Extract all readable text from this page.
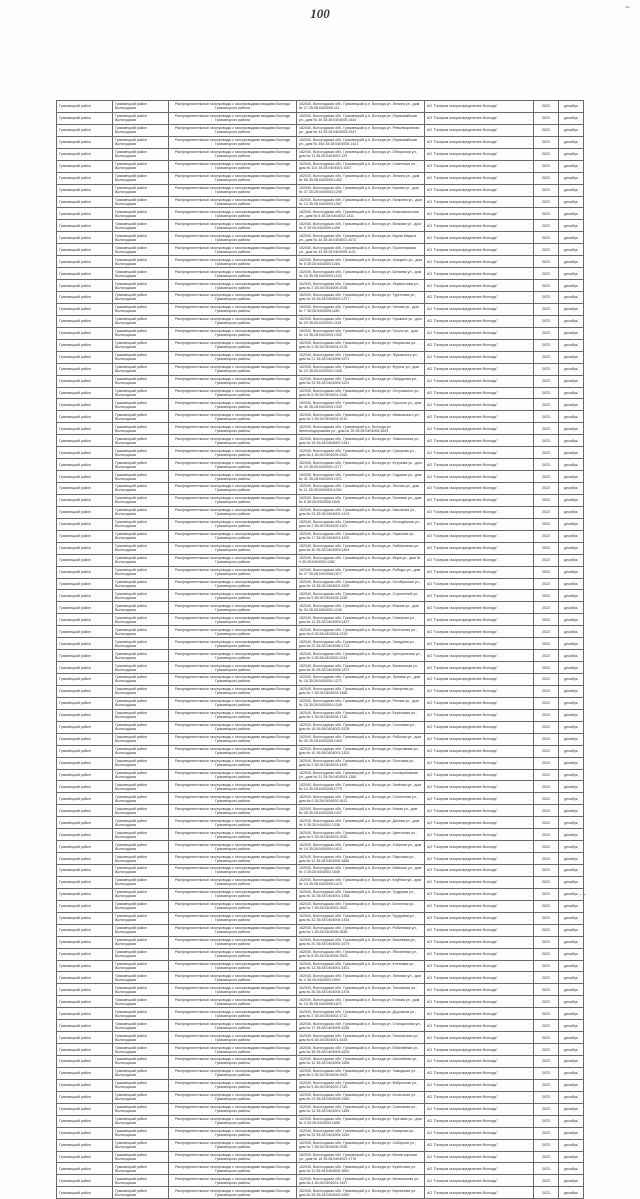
100	~
Грязовецкий район	Грязовецкий район Вологодская	Распределительные газопроводы с газопроводами вводами Вологда Грязовецкого района	162040, Вологодская обл, Грязовецкий р-н, Вологда ул. Ленина ул., дом № 17 35:28:0404006:111	АО "Газпром газораспределение Вологда"	2023	декабрь
Грязовецкий район	Грязовецкий район Вологодская	Распределительные газопроводы с газопроводами вводами Вологда Грязовецкого района	162040, Вологодская обл, Грязовецкий р-н, Вологда ул. Первомайская ул., дом № 20 35:28:0404006:1444	АО "Газпром газораспределение Вологда"	2023	декабрь
Грязовецкий район	Грязовецкий район Вологодская	Распределительные газопроводы с газопроводами вводами Вологда Грязовецкого района	162040, Вологодская обл, Грязовецкий р-н, Вологда ул. Революционная ул., дом № 44 35:28:0404005:2047	АО "Газпром газораспределение Вологда"	2023	декабрь
Грязовецкий район	Грязовецкий район Вологодская	Распределительные газопроводы с газопроводами вводами Вологда Грязовецкого района	162040, Вологодская обл, Грязовецкий р-н, Вологда ул. Первомайская ул., дом № 35а 35:28:0404006:1421	АО "Газпром газораспределение Вологда"	2023	декабрь
Грязовецкий район	Грязовецкий район Вологодская	Распределительные газопроводы с газопроводами вводами Вологда Грязовецкого района	162040, Вологодская обл, Грязовецкий р-н, Вологда ул. Обнорская ул., дом № 11 35:28:0404002:125	АО "Газпром газораспределение Вологда"	2023	декабрь
Грязовецкий район	Грязовецкий район Вологодская	Распределительные газопроводы с газопроводами вводами Вологда Грязовецкого района	162040, Вологодская обл, Грязовецкий р-н, Вологда ул. Советская ул., дом № 101 35:28:0404001:1007	АО "Газпром газораспределение Вологда"	2023	декабрь
Грязовецкий район	Грязовецкий район Вологодская	Распределительные газопроводы с газопроводами вводами Вологда Грязовецкого района	162040, Вологодская обл, Грязовецкий р-н, Вологда ул. Ленина ул., дом № 58 35:28:0404006:1452	АО "Газпром газораспределение Вологда"	2023	декабрь
Грязовецкий район	Грязовецкий район Вологодская	Распределительные газопроводы с газопроводами вводами Вологда Грязовецкого района	162040, Вологодская обл, Грязовецкий р-н, Вологда ул. Кирова ул., дом № 37 35:28:0404003:1209	АО "Газпром газораспределение Вологда"	2023	декабрь
Грязовецкий район	Грязовецкий район Вологодская	Распределительные газопроводы с газопроводами вводами Вологда Грязовецкого района	162040, Вологодская обл, Грязовецкий р-н, Вологда ул. Гагарина ул., дом № 12 35:28:0404004:1067	АО "Газпром газораспределение Вологда"	2023	декабрь
Грязовецкий район	Грязовецкий район Вологодская	Распределительные газопроводы с газопроводами вводами Вологда Грязовецкого района	162040, Вологодская обл, Грязовецкий р-н, Вологда ул. Комсомольская ул., дом № 6 35:28:0404002:1311	АО "Газпром газораспределение Вологда"	2023	декабрь
Грязовецкий район	Грязовецкий район Вологодская	Распределительные газопроводы с газопроводами вводами Вологда Грязовецкого района	162040, Вологодская обл, Грязовецкий р-н, Вологда ул. Волкова ул., дом № 9 35:28:0404006:1498	АО "Газпром газораспределение Вологда"	2023	декабрь
Грязовецкий район	Грязовецкий район Вологодская	Распределительные газопроводы с газопроводами вводами Вологда Грязовецкого района	162040, Вологодская обл, Грязовецкий р-н, Вологда ул. Карла Маркса ул., дом № 24 35:28:0404001:1072	АО "Газпром газораспределение Вологда"	2023	декабрь
Грязовецкий район	Грязовецкий район Вологодская	Распределительные газопроводы с газопроводами вводами Вологда Грязовецкого района	162040, Вологодская обл, Грязовецкий р-н, Вологда ул. Пролетарская ул., дом № 43 35:28:0404005:1121	АО "Газпром газораспределение Вологда"	2023	декабрь
Грязовецкий район	Грязовецкий район Вологодская	Распределительные газопроводы с газопроводами вводами Вологда Грязовецкого района	162040, Вологодская обл, Грязовецкий р-н, Вологда ул. Урицкого ул., дом № 5 35:28:0404003:1264	АО "Газпром газораспределение Вологда"	2023	декабрь
Грязовецкий район	Грязовецкий район Вологодская	Распределительные газопроводы с газопроводами вводами Вологда Грязовецкого района	162040, Вологодская обл, Грязовецкий р-н, Вологда ул. Беляева ул., дом № 16 35:28:0404004:1133	АО "Газпром газораспределение Вологда"	2023	декабрь
Грязовецкий район	Грязовецкий район Вологодская	Распределительные газопроводы с газопроводами вводами Вологда Грязовецкого района	162040, Вологодская обл, Грязовецкий р-н, Вологда ул. Лермонтова ул., дом № 2 35:28:0404006:1536	АО "Газпром газораспределение Вологда"	2023	декабрь
Грязовецкий район	Грязовецкий район Вологодская	Распределительные газопроводы с газопроводами вводами Вологда Грязовецкого района	162040, Вологодская обл, Грязовецкий р-н, Вологда ул. Тургенева ул., дом № 18 35:28:0404002:1377	АО "Газпром газораспределение Вологда"	2023	декабрь
Грязовецкий район	Грязовецкий район Вологодская	Распределительные газопроводы с газопроводами вводами Вологда Грязовецкого района	162040, Вологодская обл, Грязовецкий р-н, Вологда ул. Чехова ул., дом № 7 35:28:0404005:1180	АО "Газпром газораспределение Вологда"	2023	декабрь
Грязовецкий район	Грязовецкий район Вологодская	Распределительные газопроводы с газопроводами вводами Вологда Грязовецкого района	162040, Вологодская обл, Грязовецкий р-н, Вологда ул. Пушкина ул., дом № 29 35:28:0404001:1115	АО "Газпром газораспределение Вологда"	2023	декабрь
Грязовецкий район	Грязовецкий район Вологодская	Распределительные газопроводы с газопроводами вводами Вологда Грязовецкого района	162040, Вологодская обл, Грязовецкий р-н, Вологда ул. Гоголя ул., дом № 14 35:28:0404003:1302	АО "Газпром газораспределение Вологда"	2023	декабрь
Грязовецкий район	Грязовецкий район Вологодская	Распределительные газопроводы с газопроводами вводами Вологда Грязовецкого района	162040, Вологодская обл, Грязовецкий р-н, Вологда ул. Некрасова ул., дом № 3 35:28:0404004:1178	АО "Газпром газораспределение Вологда"	2023	декабрь
Грязовецкий район	Грязовецкий район Вологодская	Распределительные газопроводы с газопроводами вводами Вологда Грязовецкого района	162040, Вологодская обл, Грязовецкий р-н, Вологда ул. Жуковского ул., дом № 21 35:28:0404006:1571	АО "Газпром газораспределение Вологда"	2023	декабрь
Грязовецкий район	Грязовецкий район Вологодская	Распределительные газопроводы с газопроводами вводами Вологда Грязовецкого района	162040, Вологодская обл, Грязовецкий р-н, Вологда ул. Фрунзе ул., дом № 10 35:28:0404002:1405	АО "Газпром газораспределение Вологда"	2023	декабрь
Грязовецкий район	Грязовецкий район Вологодская	Распределительные газопроводы с газопроводами вводами Вологда Грязовецкого района	162040, Вологодская обл, Грязовецкий р-н, Вологда ул. Свердлова ул., дом № 33 35:28:0404005:1222	АО "Газпром газораспределение Вологда"	2023	декабрь
Грязовецкий район	Грязовецкий район Вологодская	Распределительные газопроводы с газопроводами вводами Вологда Грязовецкого района	162040, Вологодская обл, Грязовецкий р-н, Вологда ул. Островского ул., дом № 8 35:28:0404001:1146	АО "Газпром газораспределение Вологда"	2023	декабрь
Грязовецкий район	Грязовецкий район Вологодская	Распределительные газопроводы с газопроводами вводами Вологда Грязовецкого района	162040, Вологодская обл, Грязовецкий р-н, Вологда ул. Горького ул., дом № 46 35:28:0404003:1339	АО "Газпром газораспределение Вологда"	2023	декабрь
Грязовецкий район	Грязовецкий район Вологодская	Распределительные газопроводы с газопроводами вводами Вологда Грязовецкого района	162040, Вологодская обл, Грязовецкий р-н, Вологда ул. Маяковского ул., дом № 1 35:28:0404004:1210	АО "Газпром газораспределение Вологда"	2023	декабрь
Грязовецкий район	Грязовецкий район Вологодская	Распределительные газопроводы с газопроводами вводами Вологда Грязовецкого района	162040, Вологодская обл, Грязовецкий р-н, Вологда ул. Железнодорожная ул., дом № 26 35:28:0404006:1603	АО "Газпром газораспределение Вологда"	2023	декабрь
Грязовецкий район	Грязовецкий район Вологодская	Распределительные газопроводы с газопроводами вводами Вологда Грязовецкого района	162040, Вологодская обл, Грязовецкий р-н, Вологда ул. Ломоносова ул., дом № 15 35:28:0404002:1441	АО "Газпром газораспределение Вологда"	2023	декабрь
Грязовецкий район	Грязовецкий район Вологодская	Распределительные газопроводы с газопроводами вводами Вологда Грязовецкого района	162040, Вологодская обл, Грязовецкий р-н, Вологда ул. Суворова ул., дом № 4 35:28:0404005:1263	АО "Газпром газораспределение Вологда"	2023	декабрь
Грязовецкий район	Грязовецкий район Вологодская	Распределительные газопроводы с газопроводами вводами Вологда Грязовецкого района	162040, Вологодская обл, Грязовецкий р-н, Вологда ул. Кутузова ул., дом № 19 35:28:0404001:1177	АО "Газпром газораспределение Вологда"	2023	декабрь
Грязовецкий район	Грязовецкий район Вологодская	Распределительные газопроводы с газопроводами вводами Вологда Грязовецкого района	162040, Вологодская обл, Грязовецкий р-н, Вологда ул. Садовая ул., дом № 31 35:28:0404003:1371	АО "Газпром газораспределение Вологда"	2023	декабрь
Грязовецкий район	Грязовецкий район Вологодская	Распределительные газопроводы с газопроводами вводами Вологда Грязовецкого района	162040, Вологодская обл, Грязовецкий р-н, Вологда ул. Лесная ул., дом № 11 35:28:0404004:1246	АО "Газпром газораспределение Вологда"	2023	декабрь
Грязовецкий район	Грязовецкий район Вологодская	Распределительные газопроводы с газопроводами вводами Вологда Грязовецкого района	162040, Вологодская обл, Грязовецкий р-н, Вологда ул. Полевая ул., дом № 6 35:28:0404006:1640	АО "Газпром газораспределение Вологда"	2023	декабрь
Грязовецкий район	Грязовецкий район Вологодская	Распределительные газопроводы с газопроводами вводами Вологда Грязовецкого района	162040, Вологодская обл, Грязовецкий р-н, Вологда ул. Школьная ул., дом № 23 35:28:0404002:1476	АО "Газпром газораспределение Вологда"	2023	декабрь
Грязовецкий район	Грязовецкий район Вологодская	Распределительные газопроводы с газопроводами вводами Вологда Грязовецкого района	162040, Вологодская обл, Грязовецкий р-н, Вологда ул. Молодёжная ул., дом № 2 35:28:0404005:1301	АО "Газпром газораспределение Вологда"	2023	декабрь
Грязовецкий район	Грязовецкий район Вологодская	Распределительные газопроводы с газопроводами вводами Вологда Грязовецкого района	162040, Вологодская обл, Грязовецкий р-н, Вологда ул. Заречная ул., дом № 17 35:28:0404001:1209	АО "Газпром газораспределение Вологда"	2023	декабрь
Грязовецкий район	Грязовецкий район Вологодская	Распределительные газопроводы с газопроводами вводами Вологда Грязовецкого района	162040, Вологодская обл, Грязовецкий р-н, Вологда ул. Набережная ул., дом № 40 35:28:0404003:1404	АО "Газпром газораспределение Вологда"	2023	декабрь
Грязовецкий район	Грязовецкий район Вологодская	Распределительные газопроводы с газопроводами вводами Вологда Грязовецкого района	162040, Вологодская обл, Грязовецкий р-н, Вологда ул. Мира ул., дом № 9 35:28:0404004:1282	АО "Газпром газораспределение Вологда"	2023	декабрь
Грязовецкий район	Грязовецкий район Вологодская	Распределительные газопроводы с газопроводами вводами Вологда Грязовецкого района	162040, Вологодская обл, Грязовецкий р-н, Вологда ул. Победы ул., дом № 27 35:28:0404006:1677	АО "Газпром газораспределение Вологда"	2023	декабрь
Грязовецкий район	Грязовецкий район Вологодская	Распределительные газопроводы с газопроводами вводами Вологда Грязовецкого района	162040, Вологодская обл, Грязовецкий р-н, Вологда ул. Октябрьская ул., дом № 13 35:28:0404002:1509	АО "Газпром газораспределение Вологда"	2023	декабрь
Грязовецкий район	Грязовецкий район Вологодская	Распределительные газопроводы с газопроводами вводами Вологда Грязовецкого района	162040, Вологодская обл, Грязовецкий р-н, Вологда ул. Строителей ул., дом № 5 35:28:0404005:1338	АО "Газпром газораспределение Вологда"	2023	декабрь
Грязовецкий район	Грязовецкий район Вологодская	Распределительные газопроводы с газопроводами вводами Вологда Грязовецкого района	162040, Вологодская обл, Грязовецкий р-н, Вологда ул. Южная ул., дом № 34 35:28:0404001:1240	АО "Газпром газораспределение Вологда"	2023	декабрь
Грязовецкий район	Грязовецкий район Вологодская	Распределительные газопроводы с газопроводами вводами Вологда Грязовецкого района	162040, Вологодская обл, Грязовецкий р-н, Вологда ул. Северная ул., дом № 12 35:28:0404003:1437	АО "Газпром газораспределение Вологда"	2023	декабрь
Грязовецкий район	Грязовецкий район Вологодская	Распределительные газопроводы с газопроводами вводами Вологда Грязовецкого района	162040, Вологодская обл, Грязовецкий р-н, Вологда ул. Восточная ул., дом № 8 35:28:0404004:1315	АО "Газпром газораспределение Вологда"	2023	декабрь
Грязовецкий район	Грязовецкий район Вологодская	Распределительные газопроводы с газопроводами вводами Вологда Грязовецкого района	162040, Вологодская обл, Грязовецкий р-н, Вологда ул. Западная ул., дом № 22 35:28:0404006:1712	АО "Газпром газораспределение Вологда"	2023	декабрь
Грязовецкий район	Грязовецкий район Вологодская	Распределительные газопроводы с газопроводами вводами Вологда Грязовецкого района	162040, Вологодская обл, Грязовецкий р-н, Вологда ул. Центральная ул., дом № 3 35:28:0404002:1544	АО "Газпром газораспределение Вологда"	2023	декабрь
Грязовецкий район	Грязовецкий район Вологодская	Распределительные газопроводы с газопроводами вводами Вологда Грязовецкого района	162040, Вологодская обл, Грязовецкий р-н, Вологда ул. Вокзальная ул., дом № 36 35:28:0404005:1372	АО "Газпром газораспределение Вологда"	2023	декабрь
Грязовецкий район	Грязовецкий район Вологодская	Распределительные газопроводы с газопроводами вводами Вологда Грязовецкого района	162040, Вологодская обл, Грязовецкий р-н, Вологда ул. Луговая ул., дом № 16 35:28:0404001:1271	АО "Газпром газораспределение Вологда"	2023	декабрь
Грязовецкий район	Грязовецкий район Вологодская	Распределительные газопроводы с газопроводами вводами Вологда Грязовецкого района	162040, Вологодская обл, Грязовецкий р-н, Вологда ул. Нагорная ул., дом № 7 35:28:0404003:1468	АО "Газпром газораспределение Вологда"	2023	декабрь
Грязовецкий район	Грязовецкий район Вологодская	Распределительные газопроводы с газопроводами вводами Вологда Грязовецкого района	162040, Вологодская обл, Грязовецкий р-н, Вологда ул. Речная ул., дом № 25 35:28:0404004:1349	АО "Газпром газораспределение Вологда"	2023	декабрь
Грязовецкий район	Грязовецкий район Вологодская	Распределительные газопроводы с газопроводами вводами Вологда Грязовецкого района	162040, Вологодская обл, Грязовецкий р-н, Вологда ул. Берёзовая ул., дом № 4 35:28:0404006:1745	АО "Газпром газораспределение Вологда"	2023	декабрь
Грязовецкий район	Грязовецкий район Вологодская	Распределительные газопроводы с газопроводами вводами Вологда Грязовецкого района	162040, Вологодская обл, Грязовецкий р-н, Вологда ул. Сосновая ул., дом № 18 35:28:0404002:1578	АО "Газпром газораспределение Вологда"	2023	декабрь
Грязовецкий район	Грязовецкий район Вологодская	Распределительные газопроводы с газопроводами вводами Вологда Грязовецкого района	162040, Вологодская обл, Грязовецкий р-н, Вологда ул. Рабочая ул., дом № 30 35:28:0404005:1404	АО "Газпром газораспределение Вологда"	2023	декабрь
Грязовецкий район	Грязовецкий район Вологодская	Распределительные газопроводы с газопроводами вводами Вологда Грязовецкого района	162040, Вологодская обл, Грязовецкий р-н, Вологда ул. Спортивная ул., дом № 10 35:28:0404001:1303	АО "Газпром газораспределение Вологда"	2023	декабрь
Грязовецкий район	Грязовецкий район Вологодская	Распределительные газопроводы с газопроводами вводами Вологда Грязовецкого района	162040, Вологодская обл, Грязовецкий р-н, Вологда ул. Почтовая ул., дом № 2 35:28:0404003:1499	АО "Газпром газораспределение Вологда"	2023	декабрь
Грязовецкий район	Грязовецкий район Вологодская	Распределительные газопроводы с газопроводами вводами Вологда Грязовецкого района	162040, Вологодская обл, Грязовецкий р-н, Вологда ул. Кооперативная ул., дом № 21 35:28:0404004:1380	АО "Газпром газораспределение Вологда"	2023	декабрь
Грязовецкий район	Грязовецкий район Вологодская	Распределительные газопроводы с газопроводами вводами Вологда Грязовецкого района	162040, Вологодская обл, Грязовецкий р-н, Вологда ул. Зелёная ул., дом № 14 35:28:0404006:1779	АО "Газпром газораспределение Вологда"	2023	декабрь
Грязовецкий район	Грязовецкий район Вологодская	Распределительные газопроводы с газопроводами вводами Вологда Грязовецкого района	162040, Вологодская обл, Грязовецкий р-н, Вологда ул. Солнечная ул., дом № 6 35:28:0404002:1611	АО "Газпром газораспределение Вологда"	2023	декабрь
Грязовецкий район	Грязовецкий район Вологодская	Распределительные газопроводы с газопроводами вводами Вологда Грязовецкого района	162040, Вологодская обл, Грязовецкий р-н, Вологда ул. Новая ул., дом № 28 35:28:0404005:1437	АО "Газпром газораспределение Вологда"	2023	декабрь
Грязовецкий район	Грязовецкий район Вологодская	Распределительные газопроводы с газопроводами вводами Вологда Грязовецкого района	162040, Вологодская обл, Грязовецкий р-н, Вологда ул. Дачная ул., дом № 9 35:28:0404001:1336	АО "Газпром газораспределение Вологда"	2023	декабрь
Грязовецкий район	Грязовецкий район Вологодская	Распределительные газопроводы с газопроводами вводами Вологда Грязовецкого района	162040, Вологодская обл, Грязовецкий р-н, Вологда ул. Цветочная ул., дом № 5 35:28:0404003:1530	АО "Газпром газораспределение Вологда"	2023	декабрь
Грязовецкий район	Грязовецкий район Вологодская	Распределительные газопроводы с газопроводами вводами Вологда Грязовецкого района	162040, Вологодская обл, Грязовецкий р-н, Вологда ул. Озёрная ул., дом № 19 35:28:0404004:1412	АО "Газпром газораспределение Вологда"	2023	декабрь
Грязовецкий район	Грязовецкий район Вологодская	Распределительные газопроводы с газопроводами вводами Вологда Грязовецкого района	162040, Вологодская обл, Грязовецкий р-н, Вологда ул. Парковая ул., дом № 11 35:28:0404006:1806	АО "Газпром газораспределение Вологда"	2023	декабрь
Грязовецкий район	Грязовецкий район Вологодская	Распределительные газопроводы с газопроводами вводами Вологда Грязовецкого района	162040, Вологодская обл, Грязовецкий р-н, Вологда ул. Майская ул., дом № 3 35:28:0404002:1645	АО "Газпром газораспределение Вологда"	2023	декабрь
Грязовецкий район	Грязовецкий район Вологодская	Распределительные газопроводы с газопроводами вводами Вологда Грязовецкого района	162040, Вологодская обл, Грязовецкий р-н, Вологда ул. Клубная ул., дом № 24 35:28:0404005:1470	АО "Газпром газораспределение Вологда"	2023	декабрь
Грязовецкий район	Грязовецкий район Вологодская	Распределительные газопроводы с газопроводами вводами Вологда Грязовецкого района	162040, Вологодская обл, Грязовецкий р-н, Вологда ул. Трудовая ул., дом № 15 35:28:0404001:1368	АО "Газпром газораспределение Вологда"	2023	декабрь
Грязовецкий район	Грязовецкий район Вологодская	Распределительные газопроводы с газопроводами вводами Вологда Грязовецкого района	162040, Вологодская обл, Грязовецкий р-н, Вологда ул. Болотная ул., дом № 7 35:28:0404003:1562	АО "Газпром газораспределение Вологда"	2023	декабрь
Грязовецкий район	Грязовецкий район Вологодская	Распределительные газопроводы с газопроводами вводами Вологда Грязовецкого района	162040, Вологодская обл, Грязовецкий р-н, Вологда ул. Прудовая ул., дом № 32 35:28:0404004:1444	АО "Газпром газораспределение Вологда"	2023	декабрь
Грязовецкий район	Грязовецкий район Вологодская	Распределительные газопроводы с газопроводами вводами Вологда Грязовецкого района	162040, Вологодская обл, Грязовецкий р-н, Вологда ул. Рябиновая ул., дом № 1 35:28:0404006:1838	АО "Газпром газораспределение Вологда"	2023	декабрь
Грязовецкий район	Грязовецкий район Вологодская	Распределительные газопроводы с газопроводами вводами Вологда Грязовецкого района	162040, Вологодская обл, Грязовецкий р-н, Вологда ул. Вишнёвая ул., дом № 20 35:28:0404002:1679	АО "Газпром газораспределение Вологда"	2023	декабрь
Грязовецкий район	Грязовецкий район Вологодская	Распределительные газопроводы с газопроводами вводами Вологда Грязовецкого района	162040, Вологодская обл, Грязовецкий р-н, Вологда ул. Яблоневая ул., дом № 8 35:28:0404005:1503	АО "Газпром газораспределение Вологда"	2023	декабрь
Грязовецкий район	Грязовецкий район Вологодская	Распределительные газопроводы с газопроводами вводами Вологда Грязовецкого района	162040, Вологодская обл, Грязовецкий р-н, Вологда ул. Кленовая ул., дом № 13 35:28:0404001:1401	АО "Газпром газораспределение Вологда"	2023	декабрь
Грязовецкий район	Грязовецкий район Вологодская	Распределительные газопроводы с газопроводами вводами Вологда Грязовецкого района	162040, Вологодская обл, Грязовецкий р-н, Вологда ул. Липовая ул., дом № 4 35:28:0404003:1594	АО "Газпром газораспределение Вологда"	2023	декабрь
Грязовецкий район	Грязовецкий район Вологодская	Распределительные газопроводы с газопроводами вводами Вологда Грязовецкого района	162040, Вологодская обл, Грязовецкий р-н, Вологда ул. Тополиная ул., дом № 26 35:28:0404004:1476	АО "Газпром газораспределение Вологда"	2023	декабрь
Грязовецкий район	Грязовецкий район Вологодская	Распределительные газопроводы с газопроводами вводами Вологда Грязовецкого района	162040, Вологодская обл, Грязовецкий р-н, Вологда ул. Еловая ул., дом № 10 35:28:0404006:1871	АО "Газпром газораспределение Вологда"	2023	декабрь
Грязовецкий район	Грязовецкий район Вологодская	Распределительные газопроводы с газопроводами вводами Вологда Грязовецкого района	162040, Вологодская обл, Грязовецкий р-н, Вологда ул. Дорожная ул., дом № 2 35:28:0404002:1712	АО "Газпром газораспределение Вологда"	2023	декабрь
Грязовецкий район	Грязовецкий район Вологодская	Распределительные газопроводы с газопроводами вводами Вологда Грязовецкого района	162040, Вологодская обл, Грязовецкий р-н, Вологда ул. Станционная ул., дом № 17 35:28:0404005:1536	АО "Газпром газораспределение Вологда"	2023	декабрь
Грязовецкий район	Грязовецкий район Вологодская	Распределительные газопроводы с газопроводами вводами Вологда Грязовецкого района	162040, Вологодская обл, Грязовецкий р-н, Вологда ул. Пионерская ул., дом № 6 35:28:0404001:1433	АО "Газпром газораспределение Вологда"	2023	декабрь
Грязовецкий район	Грязовецкий район Вологодская	Распределительные газопроводы с газопроводами вводами Вологда Грязовецкого района	162040, Вологодская обл, Грязовецкий р-н, Вологда ул. Юбилейная ул., дом № 38 35:28:0404003:1626	АО "Газпром газораспределение Вологда"	2023	декабрь
Грязовецкий район	Грязовецкий район Вологодская	Распределительные газопроводы с газопроводами вводами Вологда Грязовецкого района	162040, Вологодская обл, Грязовецкий р-н, Вологда ул. Шоссейная ул., дом № 12 35:28:0404004:1508	АО "Газпром газораспределение Вологда"	2023	декабрь
Грязовецкий район	Грязовецкий район Вологодская	Распределительные газопроводы с газопроводами вводами Вологда Грязовецкого района	162040, Вологодская обл, Грязовецкий р-н, Вологда ул. Заводская ул., дом № 9 35:28:0404006:1903	АО "Газпром газораспределение Вологда"	2023	декабрь
Грязовецкий район	Грязовецкий район Вологодская	Распределительные газопроводы с газопроводами вводами Вологда Грязовецкого района	162040, Вологодская обл, Грязовецкий р-н, Вологда ул. Фабричная ул., дом № 5 35:28:0404002:1745	АО "Газпром газораспределение Вологда"	2023	декабрь
Грязовецкий район	Грязовецкий район Вологодская	Распределительные газопроводы с газопроводами вводами Вологда Грязовецкого района	162040, Вологодская обл, Грязовецкий р-н, Вологда ул. Колхозная ул., дом № 23 35:28:0404005:1569	АО "Газпром газораспределение Вологда"	2023	декабрь
Грязовецкий район	Грязовецкий район Вологодская	Распределительные газопроводы с газопроводами вводами Вологда Грязовецкого района	162040, Вологодская обл, Грязовецкий р-н, Вологда ул. Совхозная ул., дом № 14 35:28:0404001:1465	АО "Газпром газораспределение Вологда"	2023	декабрь
Грязовецкий район	Грязовецкий район Вологодская	Распределительные газопроводы с газопроводами вводами Вологда Грязовецкого района	162040, Вологодская обл, Грязовецкий р-н, Вологда ул. Торговая ул., дом № 3 35:28:0404003:1658	АО "Газпром газораспределение Вологда"	2023	декабрь
Грязовецкий район	Грязовецкий район Вологодская	Распределительные газопроводы с газопроводами вводами Вологда Грязовецкого района	162040, Вологодская обл, Грязовецкий р-н, Вологда ул. Базарная ул., дом № 29 35:28:0404004:1540	АО "Газпром газораспределение Вологда"	2023	декабрь
Грязовецкий район	Грязовецкий район Вологодская	Распределительные газопроводы с газопроводами вводами Вологда Грязовецкого района	162040, Вологодская обл, Грязовецкий р-н, Вологда ул. Соборная ул., дом № 7 35:28:0404006:1935	АО "Газпром газораспределение Вологда"	2023	декабрь
Грязовецкий район	Грязовецкий район Вологодская	Распределительные газопроводы с газопроводами вводами Вологда Грязовецкого района	162040, Вологодская обл, Грязовецкий р-н, Вологда ул. Монастырская ул., дом № 16 35:28:0404002:1778	АО "Газпром газораспределение Вологда"	2023	декабрь
Грязовецкий район	Грязовецкий район Вологодская	Распределительные газопроводы с газопроводами вводами Вологда Грязовецкого района	162040, Вологодская обл, Грязовецкий р-н, Вологда ул. Кузнечная ул., дом № 11 35:28:0404005:1602	АО "Газпром газораспределение Вологда"	2023	декабрь
Грязовецкий район	Грязовецкий район Вологодская	Распределительные газопроводы с газопроводами вводами Вологда Грязовецкого района	162040, Вологодская обл, Грязовецкий р-н, Вологда ул. Мельничная ул., дом № 4 35:28:0404001:1497	АО "Газпром газораспределение Вологда"	2023	декабрь
Грязовецкий район	Грязовецкий район Вологодская	Распределительные газопроводы с газопроводами вводами Вологда Грязовецкого района	162040, Вологодская обл, Грязовецкий р-н, Вологда ул. Кирпичная ул., дом № 35 35:28:0404003:1690	АО "Газпром газораспределение Вологда"	2023	декабрь
- -
